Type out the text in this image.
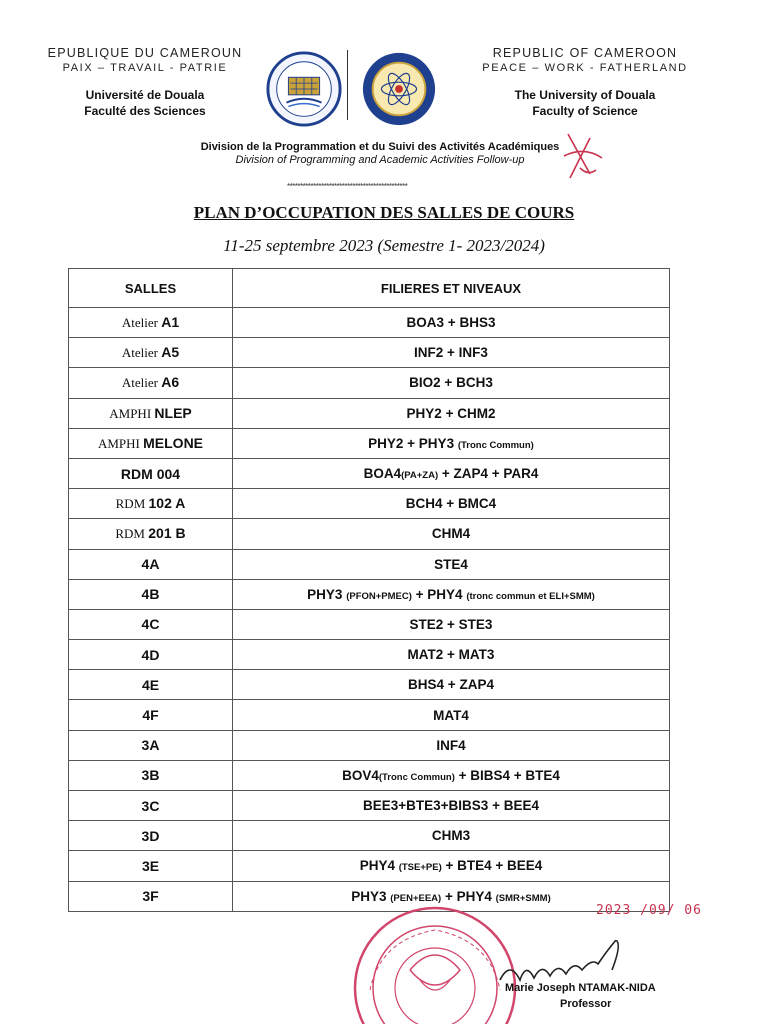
EPUBLIQUE DU CAMEROUN
PAIX – TRAVAIL - PATRIE
Université de Douala
Faculté des Sciences
REPUBLIC OF CAMEROON
PEACE – WORK - FATHERLAND
The University of Douala
Faculty of Science
Division de la Programmation et du Suivi des Activités Académiques
Division of Programming and Academic Activities Follow-up
**********************************************
PLAN D’OCCUPATION DES SALLES DE COURS
11-25 septembre 2023 (Semestre 1- 2023/2024)
SALLES	FILIERES ET NIVEAUX
Atelier A1	BOA3 + BHS3
Atelier A5	INF2 + INF3
Atelier A6	BIO2 + BCH3
AMPHI NLEP	PHY2 + CHM2
AMPHI MELONE	PHY2 + PHY3 (Tronc Commun)
RDM 004	BOA4(PA+ZA) + ZAP4 + PAR4
RDM 102 A	BCH4 + BMC4
RDM 201 B	CHM4
4A	STE4
4B	PHY3 (PFON+PMEC) + PHY4 (tronc commun et ELI+SMM)
4C	STE2 + STE3
4D	MAT2 + MAT3
4E	BHS4 + ZAP4
4F	MAT4
3A	INF4
3B	BOV4(Tronc Commun) + BIBS4 + BTE4
3C	BEE3+BTE3+BIBS3 + BEE4
3D	CHM3
3E	PHY4 (TSE+PE) + BTE4 + BEE4
3F	PHY3 (PEN+EEA) + PHY4 (SMR+SMM)
2023 /09/ 06
Marie Joseph NTAMAK-NIDA
Professor
